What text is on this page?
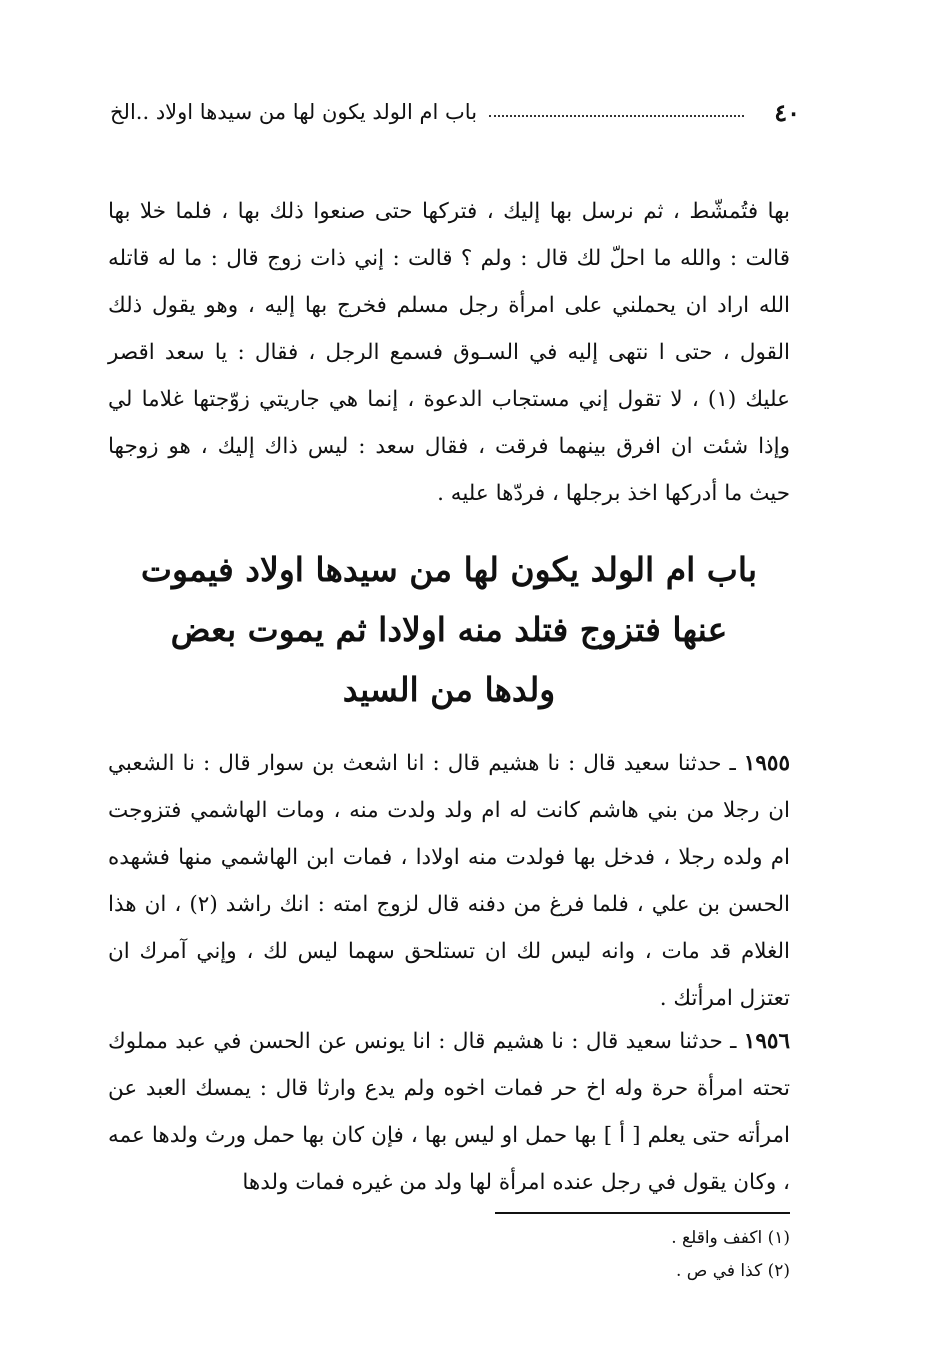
٤٠
باب ام الولد يكون لها من سيدها اولاد ..الخ

بها فتُمشّط ، ثم نرسل بها إليك ، فتركها حتى صنعوا ذلك بها ، فلما خلا بها قالت : والله ما احلّ لك قال : ولم ؟ قالت : إني ذات زوج قال : ما له قاتله الله اراد ان يحملني على امرأة رجل مسلم فخرج بها إليه ، وهو يقول ذلك القول ، حتى ا نتهى إليه في السـوق فسمع الرجل ، فقال : يا سعد اقصر عليك (١) ، لا تقول إني مستجاب الدعوة ، إنما هي جاريتي زوّجتها غلاما لي وإذا شئت ان افرق بينهما فرقت ، فقال سعد : ليس ذاك إليك ، هو زوجها حيث ما أدركها اخذ برجلها ، فردّها عليه .

باب ام الولد يكون لها من سيدها اولاد فيموت
عنها فتزوج فتلد منه اولادا ثم يموت بعض
ولدها من السيد

١٩٥٥ ـ حدثنا سعيد قال : نا هشيم قال : انا اشعث بن سوار قال : نا الشعبي ان رجلا من بني هاشم كانت له ام ولد ولدت منه ، ومات الهاشمي فتزوجت ام ولده رجلا ، فدخل بها فولدت منه اولادا ، فمات ابن الهاشمي منها فشهده الحسن بن علي ، فلما فرغ من دفنه قال لزوج امته : انك راشد (٢) ، ان هذا الغلام قد مات ، وانه ليس لك ان تستلحق سهما ليس لك ، وإني آمرك ان تعتزل امرأتك .

١٩٥٦ ـ حدثنا سعيد قال : نا هشيم قال : انا يونس عن الحسن في عبد مملوك تحته امرأة حرة وله اخ حر فمات اخوه ولم يدع وارثا قال : يمسك العبد عن امرأته حتى يعلم [ أ ] بها حمل او ليس بها ، فإن كان بها حمل ورث ولدها عمه ، وكان يقول في رجل عنده امرأة لها ولد من غيره فمات ولدها

(١) اكفف واقلع .

(٢) كذا في ص .
